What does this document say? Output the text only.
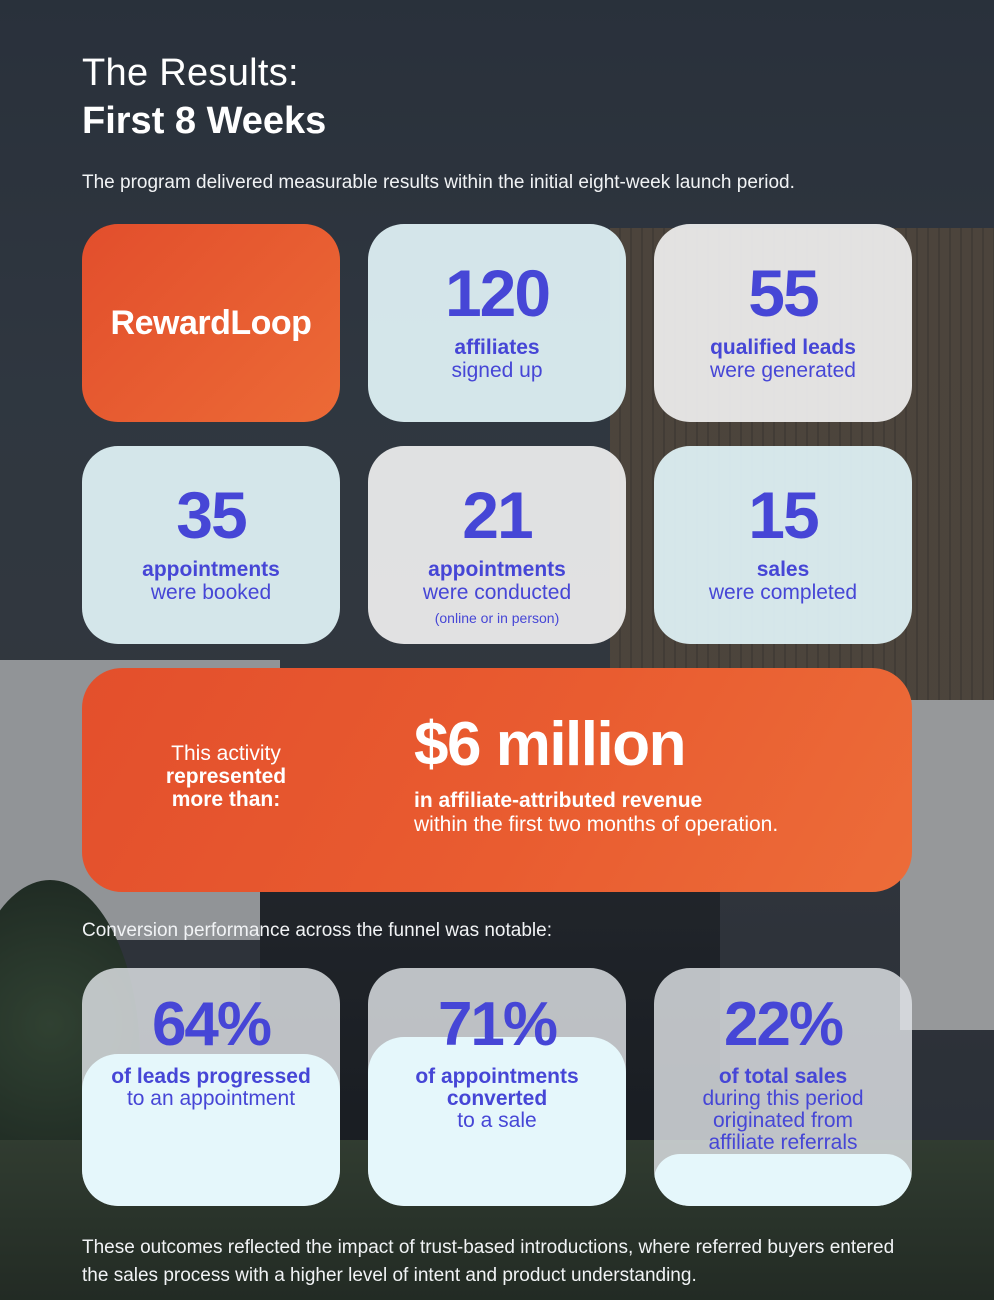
The Results:
First 8 Weeks

The program delivered measurable results within the initial eight-week launch period.

RewardLoop	120
affiliates
signed up
55
qualified leads
were generated
35
appointments
were booked
21
appointments
were conducted
(online or in person)
15
sales
were completed
This activity
represented
more than:

$6 million

in affiliate-attributed revenue
within the first two months of operation.

Conversion performance across the funnel was notable:

64%
of leads progressed
to an appointment
71%
of appointments
converted
to a sale
22%
of total sales
during this period
originated from
affiliate referrals

These outcomes reflected the impact of trust-based introductions, where referred buyers entered the sales process with a higher level of intent and product understanding.
